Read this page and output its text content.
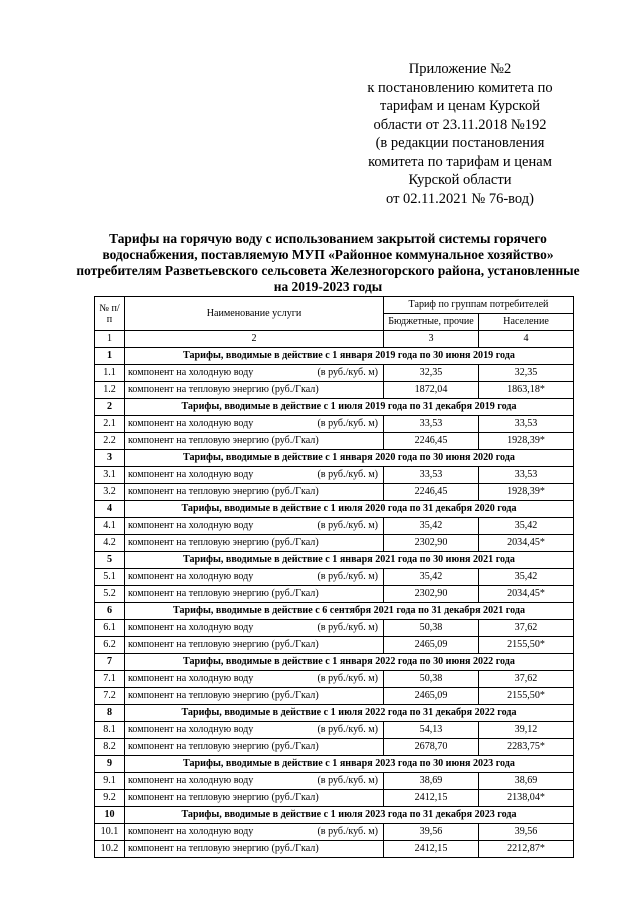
Приложение №2
к постановлению комитета по
тарифам и ценам Курской
области от 23.11.2018 №192
(в редакции постановления
комитета по тарифам и ценам
Курской области
от 02.11.2021 № 76-вод)
Тарифы на горячую воду с использованием закрытой системы горячего водоснабжения, поставляемую МУП «Районное коммунальное хозяйство» потребителям Разветьевского сельсовета Железногорского района, установленные на 2019-2023 годы
№ п/п	Наименование услуги	Тариф по группам потребителей	
		Бюджетные, прочие	Население
1	2	3	4
1	Тарифы, вводимые в действие с 1 января 2019 года по 30 июня 2019 года		
1.1	компонент на холодную воду (в руб./куб. м)	32,35	32,35
1.2	компонент на тепловую энергию (руб./Гкал)	1872,04	1863,18*
2	Тарифы, вводимые в действие с 1 июля 2019 года по 31 декабря 2019 года		
2.1	компонент на холодную воду (в руб./куб. м)	33,53	33,53
2.2	компонент на тепловую энергию (руб./Гкал)	2246,45	1928,39*
3	Тарифы, вводимые в действие с 1 января 2020 года по 30 июня 2020 года		
3.1	компонент на холодную воду (в руб./куб. м)	33,53	33,53
3.2	компонент на тепловую энергию (руб./Гкал)	2246,45	1928,39*
4	Тарифы, вводимые в действие с 1 июля 2020 года по 31 декабря 2020 года		
4.1	компонент на холодную воду (в руб./куб. м)	35,42	35,42
4.2	компонент на тепловую энергию (руб./Гкал)	2302,90	2034,45*
5	Тарифы, вводимые в действие с 1 января 2021 года по 30 июня 2021 года		
5.1	компонент на холодную воду (в руб./куб. м)	35,42	35,42
5.2	компонент на тепловую энергию (руб./Гкал)	2302,90	2034,45*
6	Тарифы, вводимые в действие с 6 сентября 2021 года по 31 декабря 2021 года		
6.1	компонент на холодную воду (в руб./куб. м)	50,38	37,62
6.2	компонент на тепловую энергию (руб./Гкал)	2465,09	2155,50*
7	Тарифы, вводимые в действие с 1 января 2022 года по 30 июня 2022 года		
7.1	компонент на холодную воду (в руб./куб. м)	50,38	37,62
7.2	компонент на тепловую энергию (руб./Гкал)	2465,09	2155,50*
8	Тарифы, вводимые в действие с 1 июля 2022 года по 31 декабря 2022 года		
8.1	компонент на холодную воду (в руб./куб. м)	54,13	39,12
8.2	компонент на тепловую энергию (руб./Гкал)	2678,70	2283,75*
9	Тарифы, вводимые в действие с 1 января 2023 года по 30 июня 2023 года		
9.1	компонент на холодную воду (в руб./куб. м)	38,69	38,69
9.2	компонент на тепловую энергию (руб./Гкал)	2412,15	2138,04*
10	Тарифы, вводимые в действие с 1 июля 2023 года по 31 декабря 2023 года		
10.1	компонент на холодную воду (в руб./куб. м)	39,56	39,56
10.2	компонент на тепловую энергию (руб./Гкал)	2412,15	2212,87*
